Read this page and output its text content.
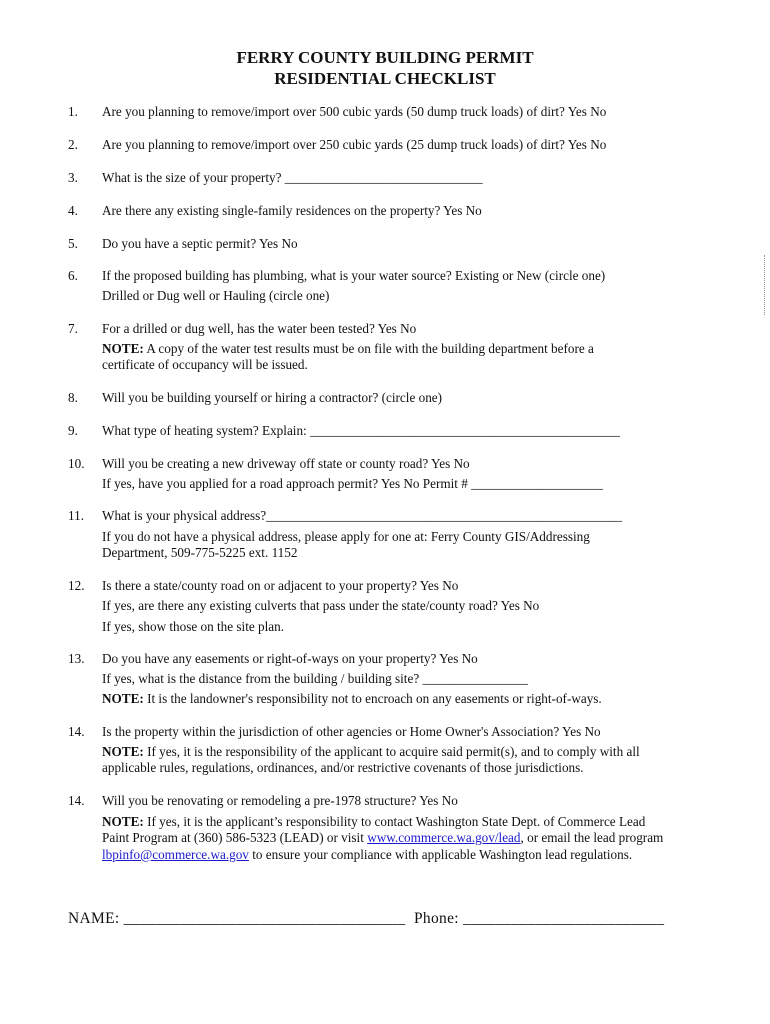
FERRY COUNTY BUILDING PERMIT
RESIDENTIAL CHECKLIST
1. Are you planning to remove/import over 500 cubic yards (50 dump truck loads) of dirt? Yes No
2. Are you planning to remove/import over 250 cubic yards (25 dump truck loads) of dirt? Yes No
3. What is the size of your property? ______________________________
4. Are there any existing single-family residences on the property? Yes No
5. Do you have a septic permit? Yes No
6. If the proposed building has plumbing, what is your water source? Existing or New (circle one)
Drilled or Dug well or Hauling (circle one)
7. For a drilled or dug well, has the water been tested? Yes No
NOTE: A copy of the water test results must be on file with the building department before a
certificate of occupancy will be issued.
8. Will you be building yourself or hiring a contractor? (circle one)
9. What type of heating system? Explain: _______________________________________________
10. Will you be creating a new driveway off state or county road? Yes No
If yes, have you applied for a road approach permit? Yes No Permit # ____________________
11. What is your physical address?______________________________________________________
If you do not have a physical address, please apply for one at: Ferry County GIS/Addressing
Department, 509-775-5225 ext. 1152
12. Is there a state/county road on or adjacent to your property? Yes No
If yes, are there any existing culverts that pass under the state/county road? Yes No
If yes, show those on the site plan.
13. Do you have any easements or right-of-ways on your property? Yes No
If yes, what is the distance from the building / building site? ________________
NOTE: It is the landowner's responsibility not to encroach on any easements or right-of-ways.
14. Is the property within the jurisdiction of other agencies or Home Owner's Association? Yes No
NOTE: If yes, it is the responsibility of the applicant to acquire said permit(s), and to comply with all
applicable rules, regulations, ordinances, and/or restrictive covenants of those jurisdictions.
14. Will you be renovating or remodeling a pre-1978 structure? Yes No
NOTE: If yes, it is the applicant’s responsibility to contact Washington State Dept. of Commerce Lead
Paint Program at (360) 586-5323 (LEAD) or visit www.commerce.wa.gov/lead, or email the lead program
lbpinfo@commerce.wa.gov to ensure your compliance with applicable Washington lead regulations.
NAME: ___________________________________ Phone: _________________________
